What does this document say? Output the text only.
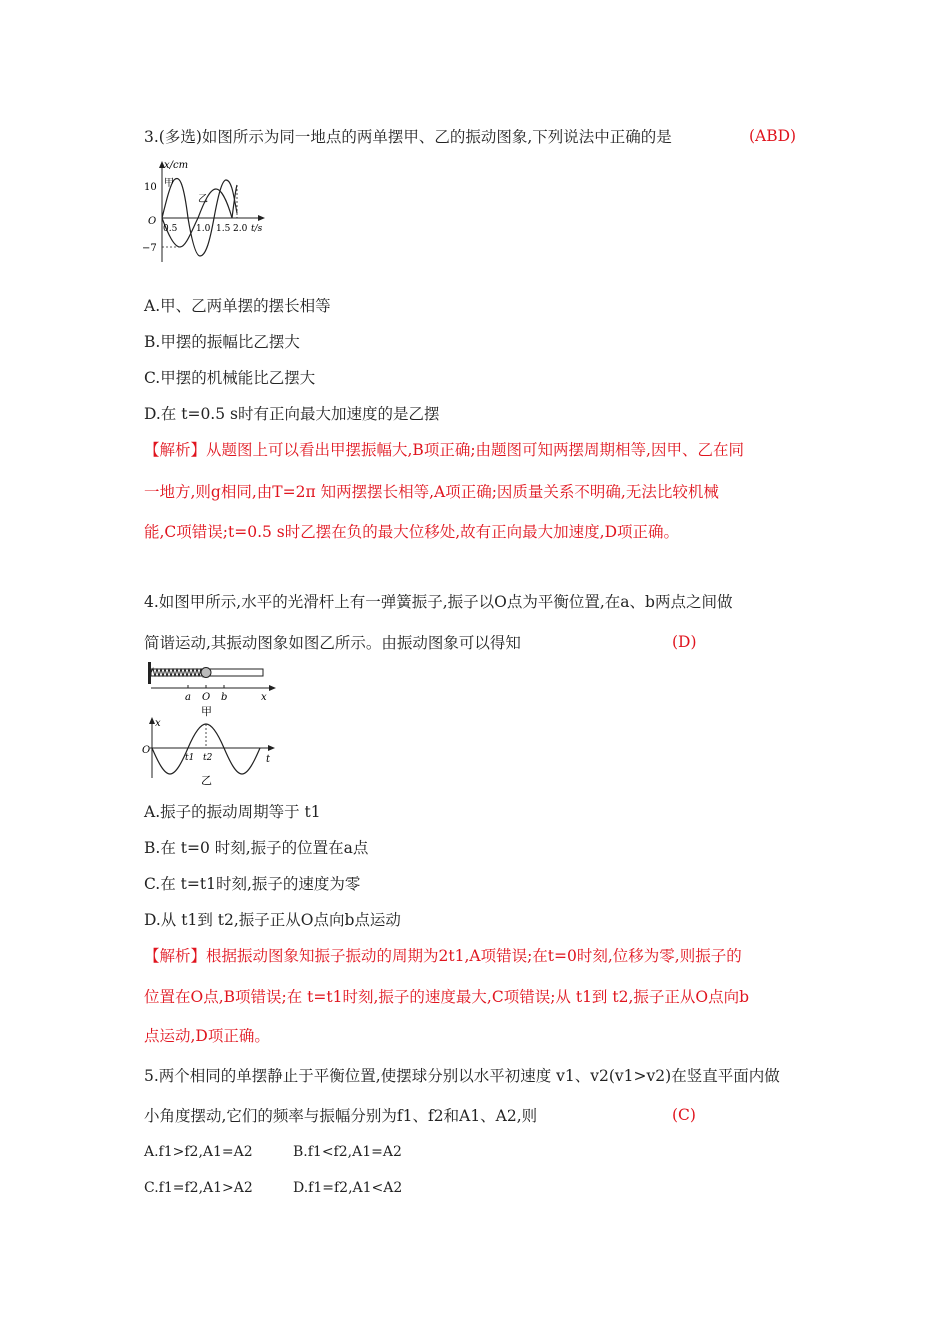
3.(多选)如图所示为同一地点的两单摆甲、乙的振动图象,下列说法中正确的是	(ABD)
x/cm
10
−7
O
甲
乙
0.5 1.0 1.5 2.0 t/s
A.甲、乙两单摆的摆长相等
B.甲摆的振幅比乙摆大
C.甲摆的机械能比乙摆大
D.在 t=0.5 s时有正向最大加速度的是乙摆
【解析】从题图上可以看出甲摆振幅大,B项正确;由题图可知两摆周期相等,因甲、乙在同
一地方,则g相同,由T=2π 知两摆摆长相等,A项正确;因质量关系不明确,无法比较机械
能,C项错误;t=0.5 s时乙摆在负的最大位移处,故有正向最大加速度,D项正确。
4.如图甲所示,水平的光滑杆上有一弹簧振子,振子以O点为平衡位置,在a、b两点之间做
简谐运动,其振动图象如图乙所示。由振动图象可以得知	(D)
a O b	x
甲
x
O
t1 t2	t
乙
A.振子的振动周期等于 t1
B.在 t=0 时刻,振子的位置在a点
C.在 t=t1时刻,振子的速度为零
D.从 t1到 t2,振子正从O点向b点运动
【解析】根据振动图象知振子振动的周期为2t1,A项错误;在t=0时刻,位移为零,则振子的
位置在O点,B项错误;在 t=t1时刻,振子的速度最大,C项错误;从 t1到 t2,振子正从O点向b
点运动,D项正确。
5.两个相同的单摆静止于平衡位置,使摆球分别以水平初速度 v1、v2(v1>v2)在竖直平面内做
小角度摆动,它们的频率与振幅分别为f1、f2和A1、A2,则	(C)
A.f1>f2,A1=A2	B.f1<f2,A1=A2
C.f1=f2,A1>A2	D.f1=f2,A1<A2
